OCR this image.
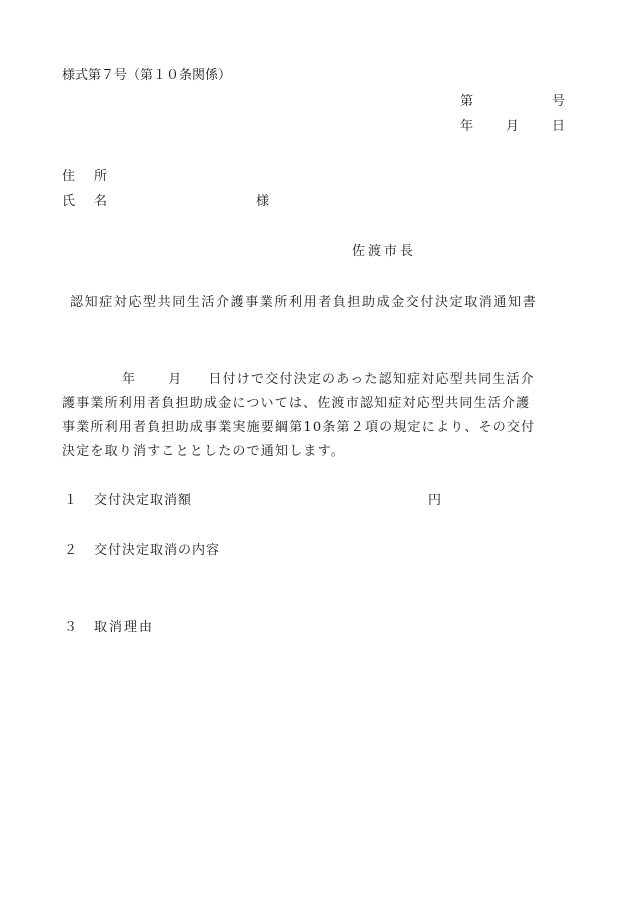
様式第７号（第１０条関係）
第	号
年	月	日
住　所
氏　名	様
佐渡市長
認知症対応型共同生活介護事業所利用者負担助成金交付決定取消通知書
年 月 日付けで交付決定のあった認知症対応型共同生活介
護事業所利用者負担助成金については、佐渡市認知症対応型共同生活介護
事業所利用者負担助成事業実施要綱第10条第２項の規定により、その交付
決定を取り消すこととしたので通知します。
１ 交付決定取消額	円
２ 交付決定取消の内容
３ 取消理由
